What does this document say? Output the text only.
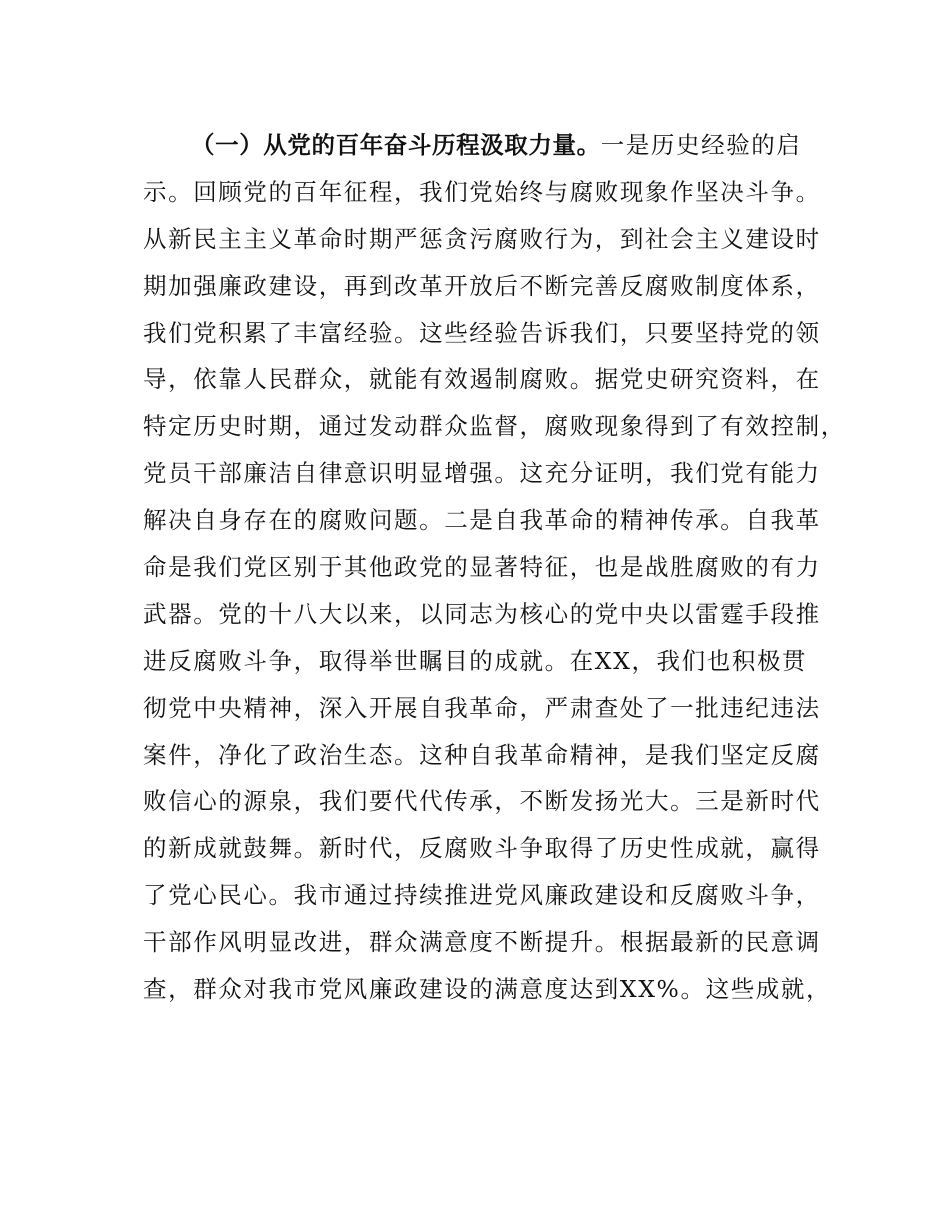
（一）从党的百年奋斗历程汲取力量。一是历史经验的启
示。回顾党的百年征程，我们党始终与腐败现象作坚决斗争。
从新民主主义革命时期严惩贪污腐败行为，到社会主义建设时
期加强廉政建设，再到改革开放后不断完善反腐败制度体系，
我们党积累了丰富经验。这些经验告诉我们，只要坚持党的领
导，依靠人民群众，就能有效遏制腐败。据党史研究资料，在
特定历史时期，通过发动群众监督，腐败现象得到了有效控制，
党员干部廉洁自律意识明显增强。这充分证明，我们党有能力
解决自身存在的腐败问题。二是自我革命的精神传承。自我革
命是我们党区别于其他政党的显著特征，也是战胜腐败的有力
武器。党的十八大以来，以同志为核心的党中央以雷霆手段推
进反腐败斗争，取得举世瞩目的成就。在XX，我们也积极贯
彻党中央精神，深入开展自我革命，严肃查处了一批违纪违法
案件，净化了政治生态。这种自我革命精神，是我们坚定反腐
败信心的源泉，我们要代代传承，不断发扬光大。三是新时代
的新成就鼓舞。新时代，反腐败斗争取得了历史性成就，赢得
了党心民心。我市通过持续推进党风廉政建设和反腐败斗争，
干部作风明显改进，群众满意度不断提升。根据最新的民意调
查，群众对我市党风廉政建设的满意度达到XX%。这些成就，
